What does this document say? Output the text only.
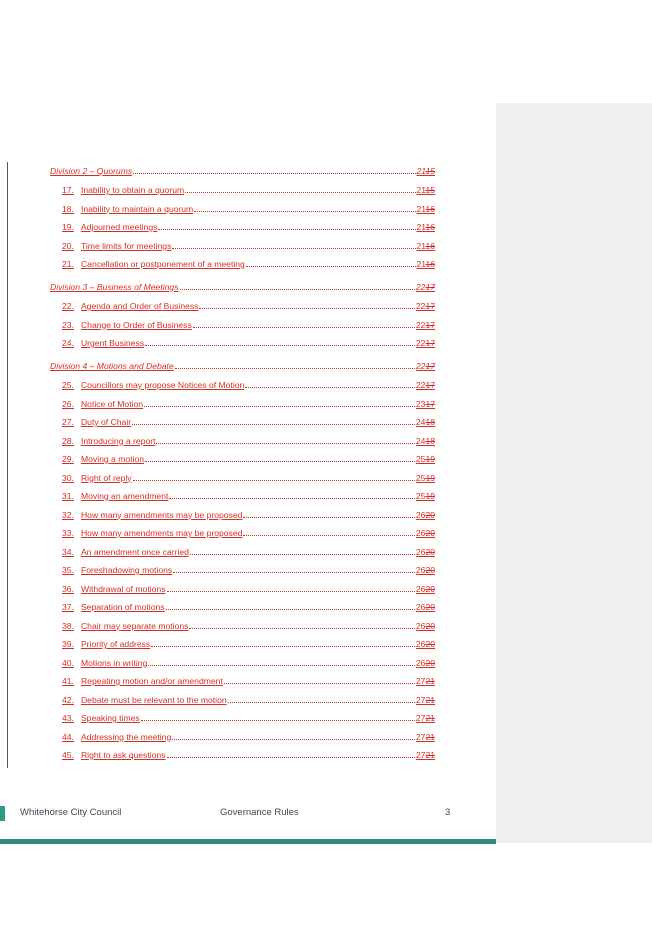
Division 2 – Quorums	2115
17. Inability to obtain a quorum	2115
18. Inability to maintain a quorum	2116
19. Adjourned meetings	2116
20. Time limits for meetings	2116
21. Cancellation or postponement of a meeting	2116
Division 3 – Business of Meetings	2217
22. Agenda and Order of Business	2217
23. Change to Order of Business	2217
24. Urgent Business	2217
Division 4 – Motions and Debate	2217
25. Councillors may propose Notices of Motion	2217
26. Notice of Motion	2317
27. Duty of Chair	2418
28. Introducing a report	2418
29. Moving a motion	2519
30. Right of reply	2519
31. Moving an amendment	2519
32. How many amendments may be proposed	2620
33. How many amendments may be proposed	2620
34. An amendment once carried	2620
35. Foreshadowing motions	2620
36. Withdrawal of motions	2620
37. Separation of motions	2620
38. Chair may separate motions	2620
39. Priority of address	2620
40. Motions in writing	2620
41. Repeating motion and/or amendment	2721
42. Debate must be relevant to the motion	2721
43. Speaking times	2721
44. Addressing the meeting	2721
45. Right to ask questions	2721
Whitehorse City Council	Governance Rules	3
